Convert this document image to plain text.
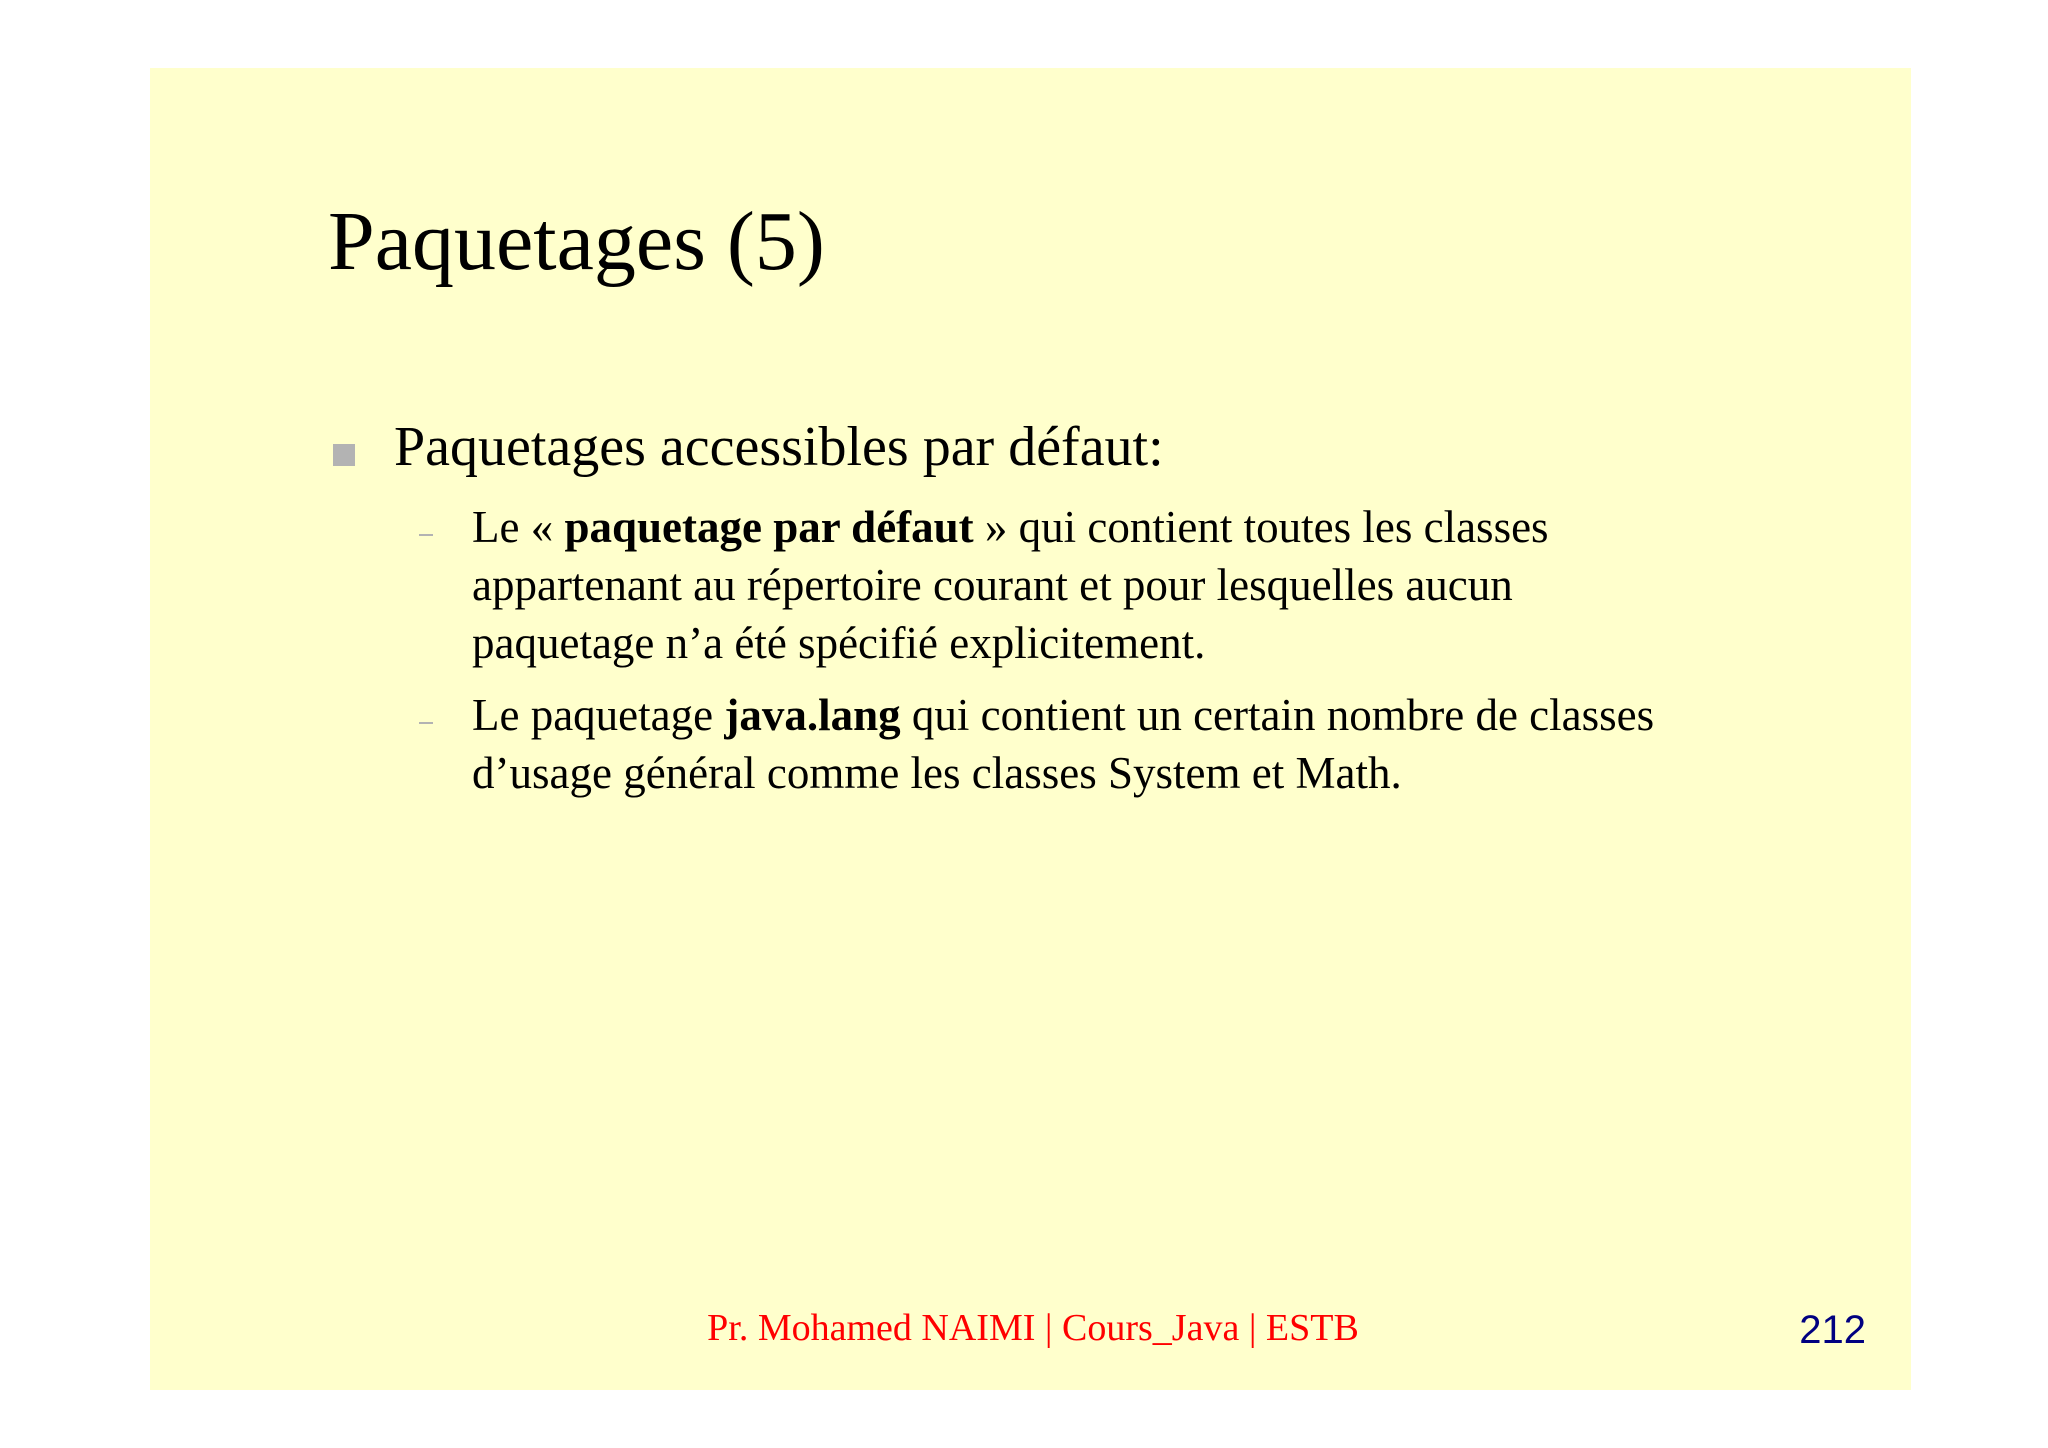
Paquetages (5)
Paquetages accessibles par défaut:
Le « paquetage par défaut » qui contient toutes les classes
appartenant au répertoire courant et pour lesquelles aucun
paquetage n’a été spécifié explicitement.
Le paquetage java.lang qui contient un certain nombre de classes
d’usage général comme les classes System et Math.
Pr. Mohamed NAIMI | Cours_Java | ESTB	212
